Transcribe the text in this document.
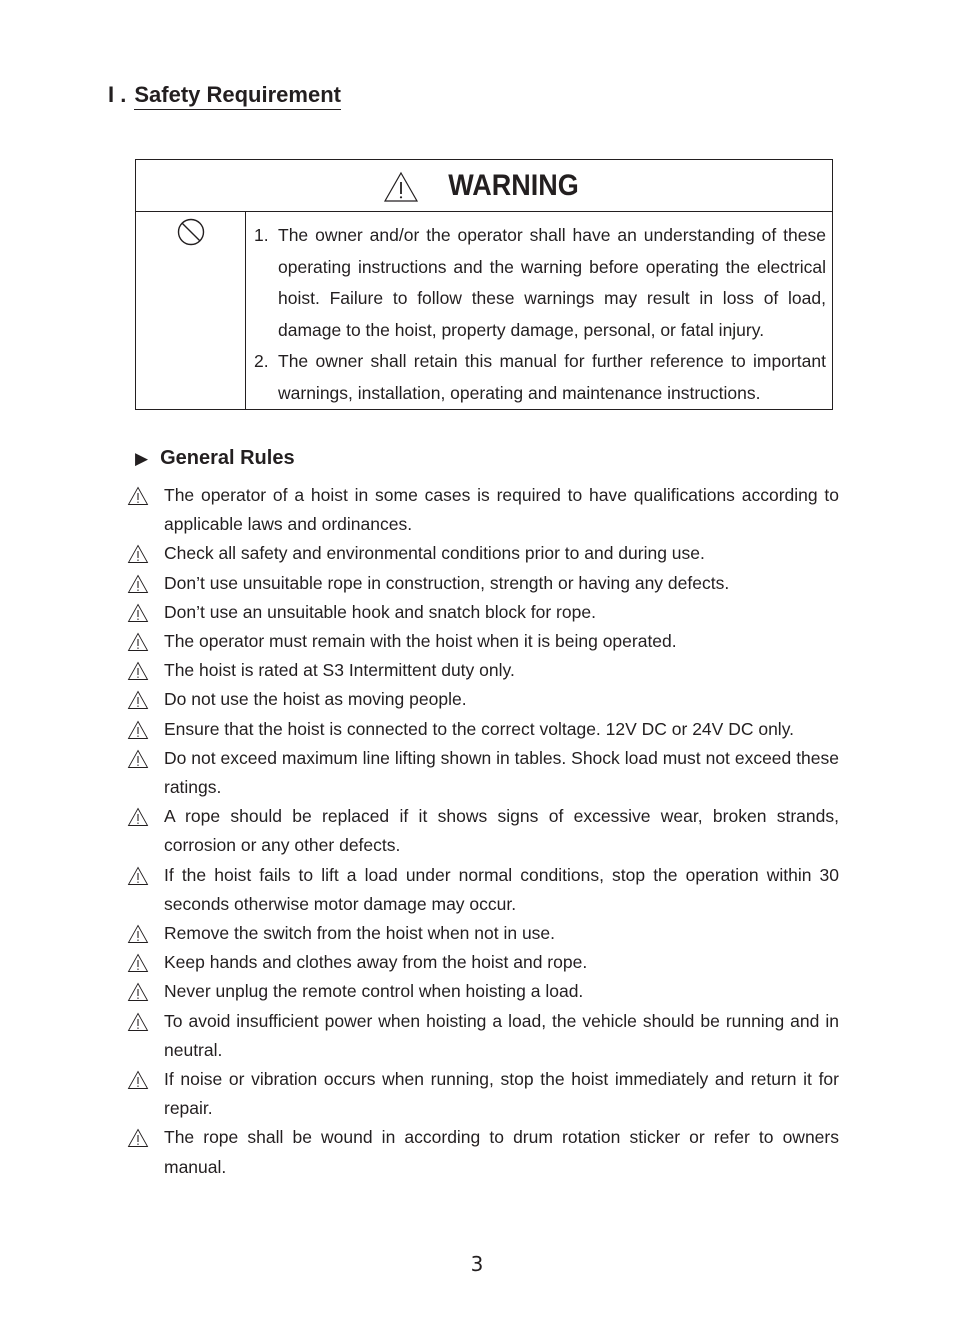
I . Safety Requirement
WARNING
1. The owner and/or the operator shall have an understanding of these operating instructions and the warning before operating the electrical hoist. Failure to follow these warnings may result in loss of load, damage to the hoist, property damage, personal, or fatal injury.
2. The owner shall retain this manual for further reference to important warnings, installation, operating and maintenance instructions.
▶ General Rules
The operator of a hoist in some cases is required to have qualifications according to applicable laws and ordinances.
Check all safety and environmental conditions prior to and during use.
Don’t use unsuitable rope in construction, strength or having any defects.
Don’t use an unsuitable hook and snatch block for rope.
The operator must remain with the hoist when it is being operated.
The hoist is rated at S3 Intermittent duty only.
Do not use the hoist as moving people.
Ensure that the hoist is connected to the correct voltage. 12V DC or 24V DC only.
Do not exceed maximum line lifting shown in tables. Shock load must not exceed these ratings.
A rope should be replaced if it shows signs of excessive wear, broken strands, corrosion or any other defects.
If the hoist fails to lift a load under normal conditions, stop the operation within 30 seconds otherwise motor damage may occur.
Remove the switch from the hoist when not in use.
Keep hands and clothes away from the hoist and rope.
Never unplug the remote control when hoisting a load.
To avoid insufficient power when hoisting a load, the vehicle should be running and in neutral.
If noise or vibration occurs when running, stop the hoist immediately and return it for repair.
The rope shall be wound in according to drum rotation sticker or refer to owners manual.
3
